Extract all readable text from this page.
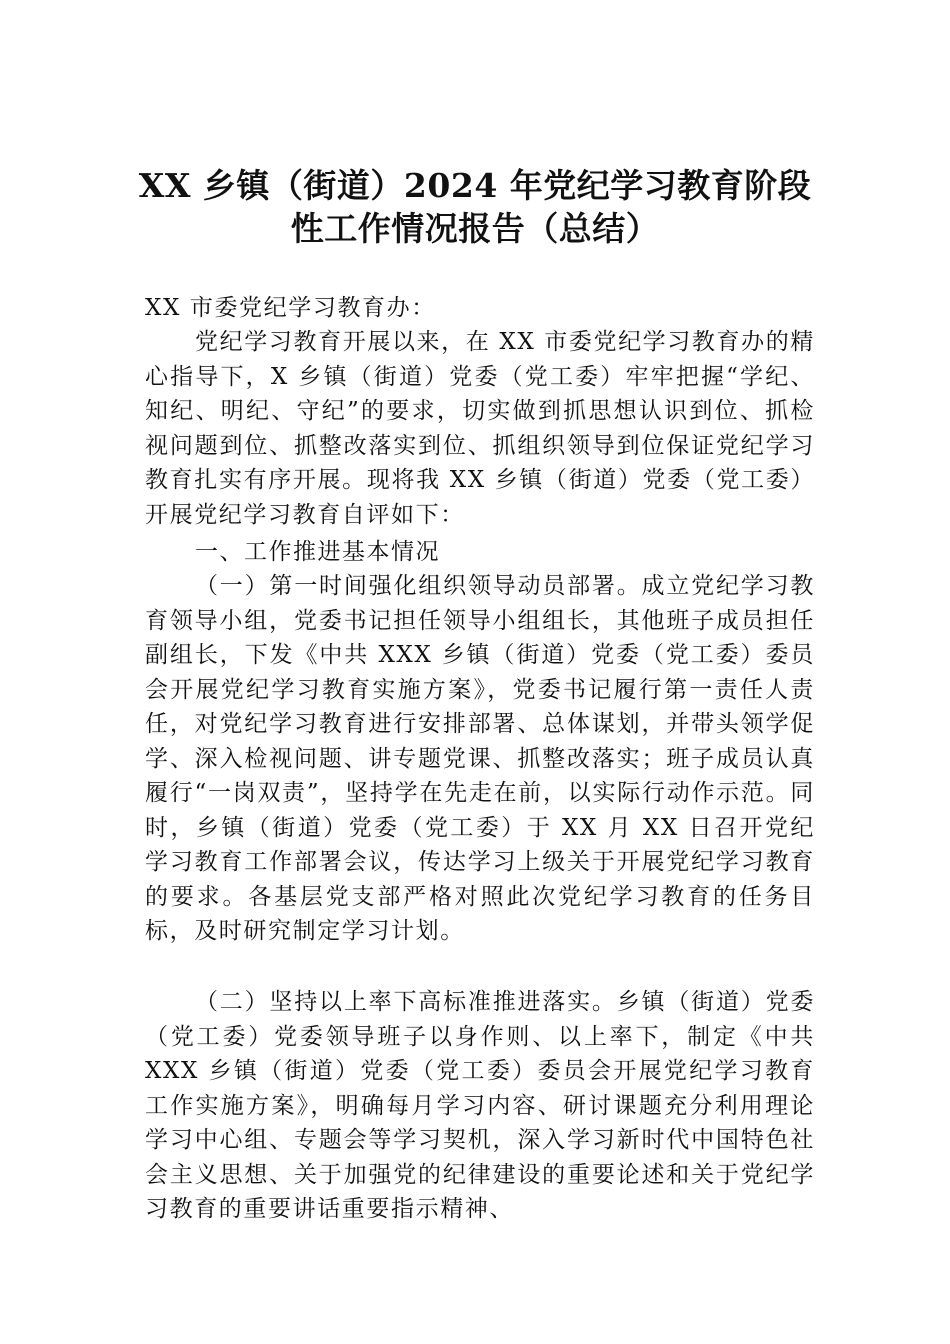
XX 乡镇（街道）2024 年党纪学习教育阶段
性工作情况报告（总结）

XX 市委党纪学习教育办：

党纪学习教育开展以来，在 XX 市委党纪学习教育办的精心指导下，X 乡镇（街道）党委（党工委）牢牢把握“学纪、知纪、明纪、守纪”的要求，切实做到抓思想认识到位、抓检视问题到位、抓整改落实到位、抓组织领导到位保证党纪学习教育扎实有序开展。现将我 XX 乡镇（街道）党委（党工委）开展党纪学习教育自评如下：

一、工作推进基本情况

（一）第一时间强化组织领导动员部署。成立党纪学习教育领导小组，党委书记担任领导小组组长，其他班子成员担任副组长，下发《中共 XXX 乡镇（街道）党委（党工委）委员会开展党纪学习教育实施方案》，党委书记履行第一责任人责任，对党纪学习教育进行安排部署、总体谋划，并带头领学促学、深入检视问题、讲专题党课、抓整改落实；班子成员认真履行“一岗双责”，坚持学在先走在前，以实际行动作示范。同时，乡镇（街道）党委（党工委）于 XX 月 XX 日召开党纪学习教育工作部署会议，传达学习上级关于开展党纪学习教育的要求。各基层党支部严格对照此次党纪学习教育的任务目标，及时研究制定学习计划。

（二）坚持以上率下高标准推进落实。乡镇（街道）党委（党工委）党委领导班子以身作则、以上率下，制定《中共 XXX 乡镇（街道）党委（党工委）委员会开展党纪学习教育工作实施方案》，明确每月学习内容、研讨课题充分利用理论学习中心组、专题会等学习契机，深入学习新时代中国特色社会主义思想、关于加强党的纪律建设的重要论述和关于党纪学习教育的重要讲话重要指示精神、
